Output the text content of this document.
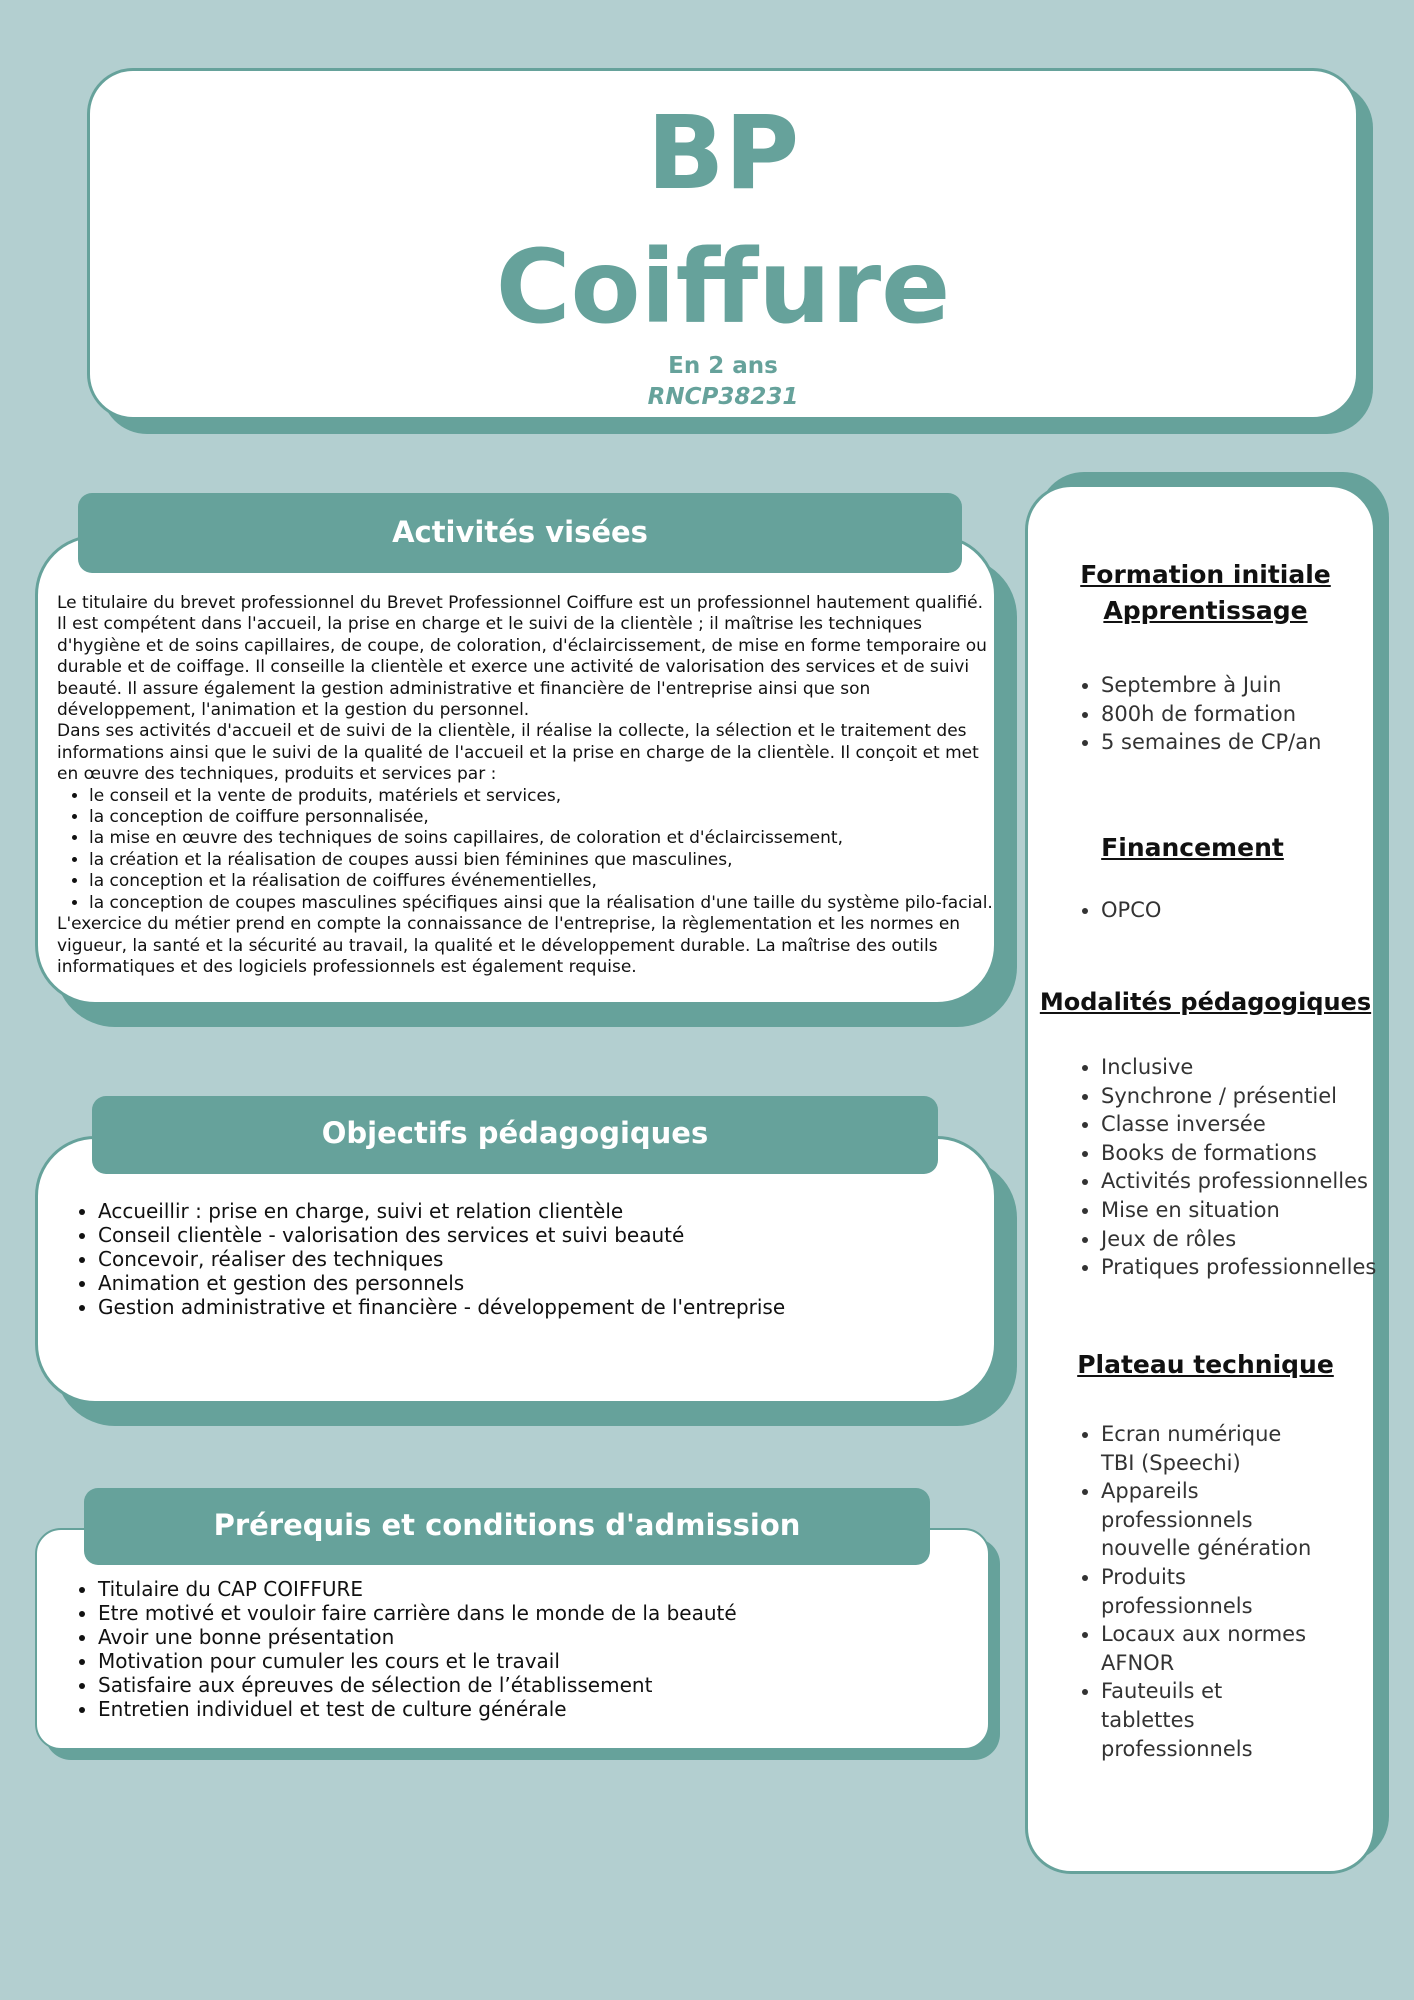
BP
Coiffure
En 2 ans
RNCP38231
Activités visées

Le titulaire du brevet professionnel du Brevet Professionnel Coiffure est un professionnel hautement qualifié. Il est compétent dans l'accueil, la prise en charge et le suivi de la clientèle ; il maîtrise les techniques d'hygiène et de soins capillaires, de coupe, de coloration, d'éclaircissement, de mise en forme temporaire ou durable et de coiffage. Il conseille la clientèle et exerce une activité de valorisation des services et de suivi beauté. Il assure également la gestion administrative et financière de l'entreprise ainsi que son développement, l'animation et la gestion du personnel.

Dans ses activités d'accueil et de suivi de la clientèle, il réalise la collecte, la sélection et le traitement des informations ainsi que le suivi de la qualité de l'accueil et la prise en charge de la clientèle. Il conçoit et met en œuvre des techniques, produits et services par :

• le conseil et la vente de produits, matériels et services,
• la conception de coiffure personnalisée,
• la mise en œuvre des techniques de soins capillaires, de coloration et d'éclaircissement,
• la création et la réalisation de coupes aussi bien féminines que masculines,
• la conception et la réalisation de coiffures événementielles,
• la conception de coupes masculines spécifiques ainsi que la réalisation d'une taille du système pilo-facial.

L'exercice du métier prend en compte la connaissance de l'entreprise, la règlementation et les normes en vigueur, la santé et la sécurité au travail, la qualité et le développement durable. La maîtrise des outils informatiques et des logiciels professionnels est également requise.

Objectifs pédagogiques
• Accueillir : prise en charge, suivi et relation clientèle
• Conseil clientèle - valorisation des services et suivi beauté
• Concevoir, réaliser des techniques
• Animation et gestion des personnels
• Gestion administrative et financière - développement de l'entreprise
Prérequis et conditions d'admission
• Titulaire du CAP COIFFURE
• Etre motivé et vouloir faire carrière dans le monde de la beauté
• Avoir une bonne présentation
• Motivation pour cumuler les cours et le travail
• Satisfaire aux épreuves de sélection de l’établissement
• Entretien individuel et test de culture générale
Formation initiale
Apprentissage
• Septembre à Juin
• 800h de formation
• 5 semaines de CP/an
Financement
• OPCO
Modalités pédagogiques
• Inclusive
• Synchrone / présentiel
• Classe inversée
• Books de formations
• Activités professionnelles
• Mise en situation
• Jeux de rôles
• Pratiques professionnelles
Plateau technique
• Ecran numérique TBI (Speechi)
• Appareils professionnels nouvelle génération
• Produits professionnels
• Locaux aux normes AFNOR
• Fauteuils et tablettes professionnels
